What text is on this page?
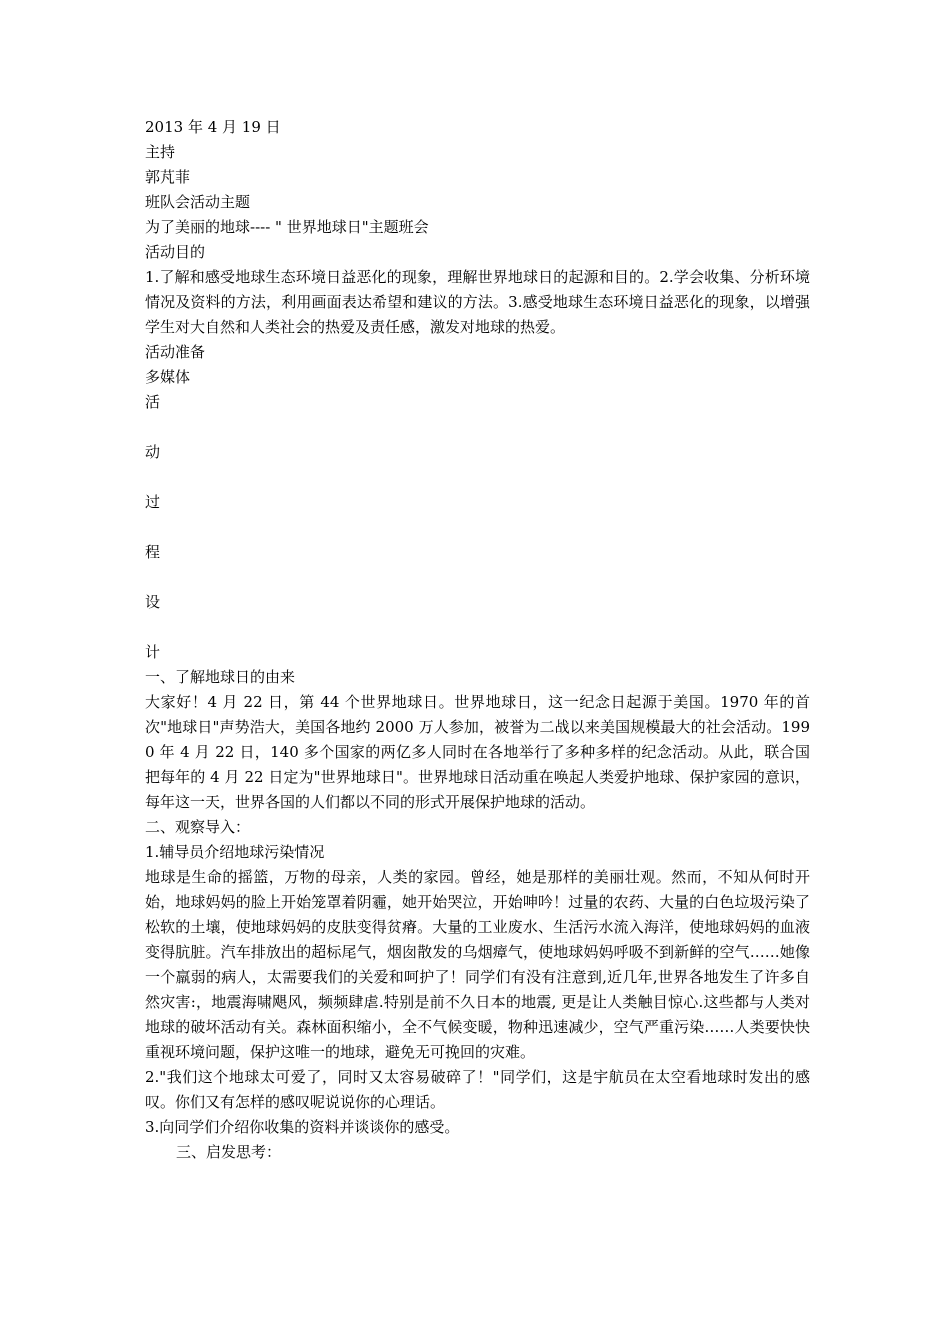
2013 年 4 月 19 日
主持
郭芃菲
班队会活动主题
为了美丽的地球---- " 世界地球日"主题班会
活动目的

1.了解和感受地球生态环境日益恶化的现象，理解世界地球日的起源和目的。2.学会收集、分析环境情况及资料的方法，利用画面表达希望和建议的方法。3.感受地球生态环境日益恶化的现象，以增强学生对大自然和人类社会的热爱及责任感，激发对地球的热爱。

活动准备
多媒体
活
动
过
程
设
计
一、了解地球日的由来

大家好！4 月 22 日，第 44 个世界地球日。世界地球日，这一纪念日起源于美国。1970 年的首次"地球日"声势浩大，美国各地约 2000 万人参加，被誉为二战以来美国规模最大的社会活动。1990 年 4 月 22 日，140 多个国家的两亿多人同时在各地举行了多种多样的纪念活动。从此，联合国把每年的 4 月 22 日定为"世界地球日"。世界地球日活动重在唤起人类爱护地球、保护家园的意识，每年这一天，世界各国的人们都以不同的形式开展保护地球的活动。

二、观察导入：
1.辅导员介绍地球污染情况

地球是生命的摇篮，万物的母亲，人类的家园。曾经，她是那样的美丽壮观。然而，不知从何时开始，地球妈妈的脸上开始笼罩着阴霾，她开始哭泣，开始呻吟！过量的农药、大量的白色垃圾污染了松软的土壤，使地球妈妈的皮肤变得贫瘠。大量的工业废水、生活污水流入海洋，使地球妈妈的血液变得肮脏。汽车排放出的超标尾气，烟囱散发的乌烟瘴气，使地球妈妈呼吸不到新鲜的空气……她像一个羸弱的病人，太需要我们的关爱和呵护了！同学们有没有注意到,近几年,世界各地发生了许多自然灾害:，地震海啸飓风，频频肆虐.特别是前不久日本的地震, 更是让人类触目惊心.这些都与人类对地球的破坏活动有关。森林面积缩小，全不气候变暖，物种迅速减少，空气严重污染……人类要快快重视环境问题，保护这唯一的地球，避免无可挽回的灾难。

2."我们这个地球太可爱了，同时又太容易破碎了！"同学们，这是宇航员在太空看地球时发出的感叹。你们又有怎样的感叹呢说说你的心理话。

3.向同学们介绍你收集的资料并谈谈你的感受。
三、启发思考：
